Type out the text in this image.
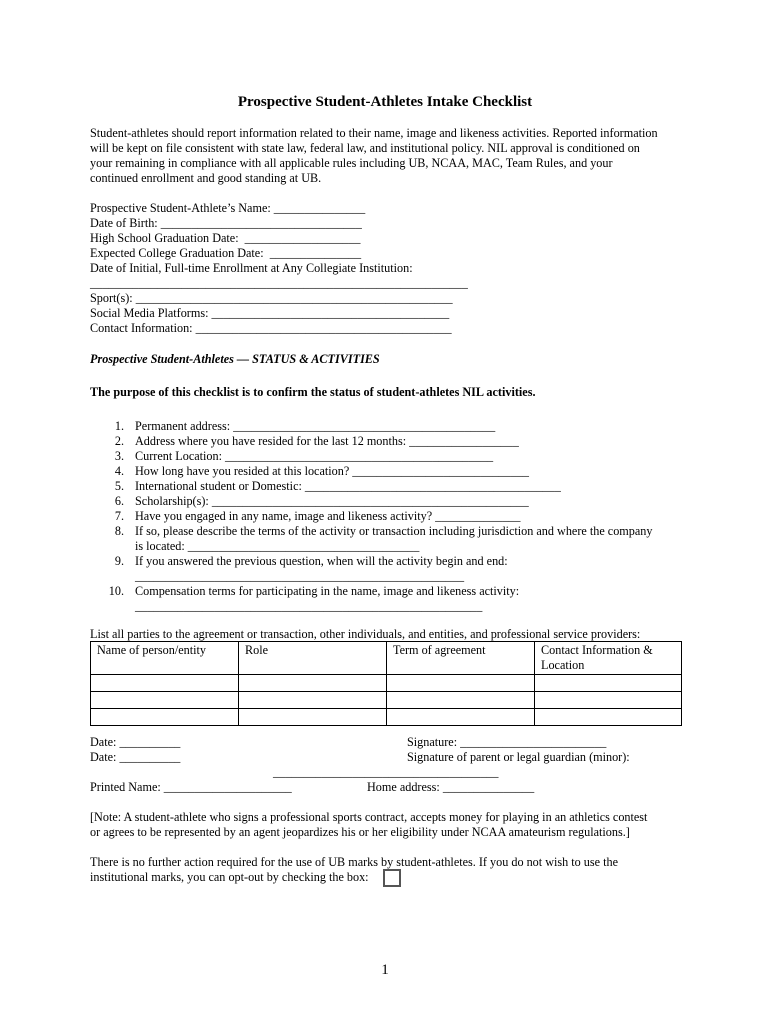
Prospective Student-Athletes Intake Checklist
Student-athletes should report information related to their name, image and likeness activities. Reported information
will be kept on file consistent with state law, federal law, and institutional policy. NIL approval is conditioned on
your remaining in compliance with all applicable rules including UB, NCAA, MAC, Team Rules, and your
continued enrollment and good standing at UB.
Prospective Student-Athlete’s Name: _______________
Date of Birth: _________________________________
High School Graduation Date:  ___________________
Expected College Graduation Date:  _______________
Date of Initial, Full-time Enrollment at Any Collegiate Institution:
______________________________________________________________
Sport(s): ____________________________________________________
Social Media Platforms: _______________________________________
Contact Information: __________________________________________
Prospective Student-Athletes — STATUS & ACTIVITIES
The purpose of this checklist is to confirm the status of student-athletes NIL activities.
1. Permanent address: ___________________________________________
2. Address where you have resided for the last 12 months: __________________
3. Current Location: ____________________________________________
4. How long have you resided at this location? _____________________________
5. International student or Domestic: __________________________________________
6. Scholarship(s): ____________________________________________________
7. Have you engaged in any name, image and likeness activity? ______________
8. If so, please describe the terms of the activity or transaction including jurisdiction and where the company
is located: ______________________________________
9. If you answered the previous question, when will the activity begin and end:
______________________________________________________
10. Compensation terms for participating in the name, image and likeness activity:
_________________________________________________________
List all parties to the agreement or transaction, other individuals, and entities, and professional service providers:
Name of person/entity	Role	Term of agreement	Contact Information & Location

Date: __________
Date: __________
Signature: ________________________
Signature of parent or legal guardian (minor):
_____________________________________
Printed Name: _____________________	Home address: _______________
[Note: A student-athlete who signs a professional sports contract, accepts money for playing in an athletics contest
or agrees to be represented by an agent jeopardizes his or her eligibility under NCAA amateurism regulations.]
There is no further action required for the use of UB marks by student-athletes. If you do not wish to use the
institutional marks, you can opt-out by checking the box:
1
